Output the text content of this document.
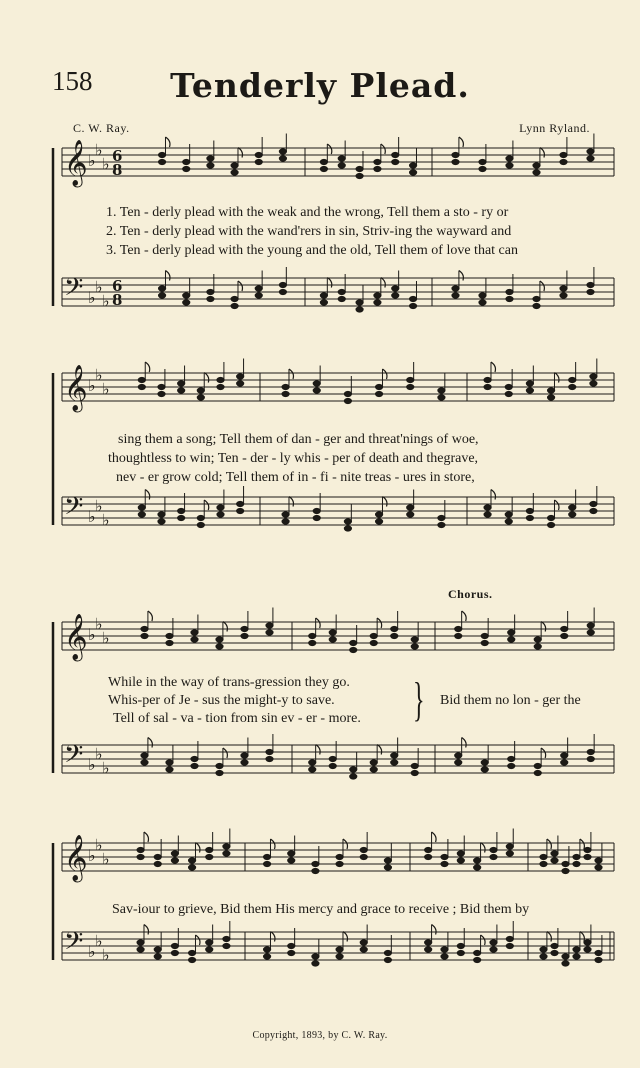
158	Tenderly Plead.
C. W. Ray.	Lynn Ryland.
Chorus.
𝄞 ♭
♭
♭
𝄢 ♭
♭
♭
𝄞 ♭
♭
♭
𝄢 ♭
♭
♭
𝄞 ♭
♭
♭
𝄢 ♭
♭
♭
𝄞 ♭
♭
♭
𝄢 ♭
♭
♭
6
8
6
8
1. Ten - derly plead with the weak and the wrong, Tell them a sto - ry or
2. Ten - derly plead with the wand'rers in sin, Striv-ing the wayward and
3. Ten - derly plead with the young and the old, Tell them of love that can
sing them a song; Tell them of dan - ger and threat'nings of woe,
thoughtless to win; Ten - der - ly whis - per of death and thegrave,
nev - er grow cold; Tell them of in - fi - nite treas - ures in store,
While in the way of trans-gression they go.
Whis-per of Je - sus the might-y to save.
Tell of sal - va - tion from sin ev - er - more. } Bid them no lon - ger the
Sav-iour to grieve, Bid them His mercy and grace to receive ; Bid them by
Copyright, 1893, by C. W. Ray.
